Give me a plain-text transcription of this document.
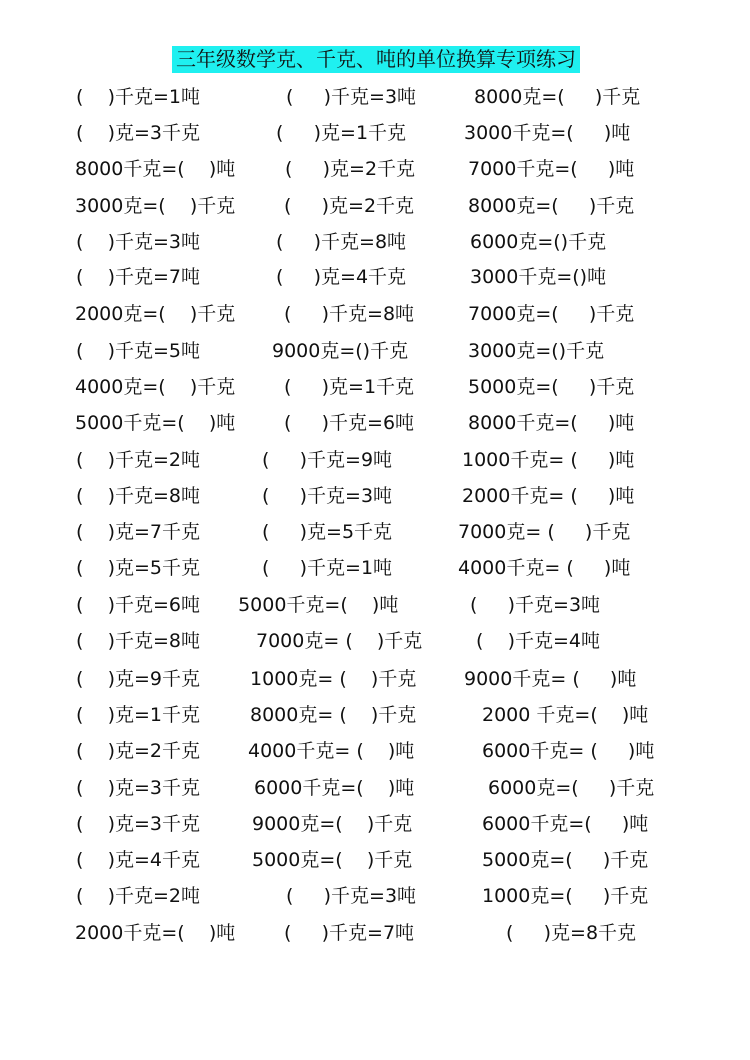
三年级数学克、千克、吨的单位换算专项练习
(    )千克=1吨	(     )千克=3吨	8000克=(     )千克
(    )克=3千克	(     )克=1千克	3000千克=(     )吨
8000千克=(    )吨	(     )克=2千克	7000千克=(     )吨
3000克=(    )千克	(     )克=2千克	8000克=(     )千克
(    )千克=3吨	(     )千克=8吨	6000克=()千克
(    )千克=7吨	(     )克=4千克	3000千克=()吨
2000克=(    )千克	(     )千克=8吨	7000克=(     )千克
(    )千克=5吨	9000克=()千克	3000克=()千克
4000克=(    )千克	(     )克=1千克	5000克=(     )千克
5000千克=(    )吨	(     )千克=6吨	8000千克=(     )吨
(    )千克=2吨	(     )千克=9吨	1000千克= (     )吨
(    )千克=8吨	(     )千克=3吨	2000千克= (     )吨
(    )克=7千克	(     )克=5千克	7000克= (     )千克
(    )克=5千克	(     )千克=1吨	4000千克= (     )吨
(    )千克=6吨 5000千克=(    )吨	(     )千克=3吨
(    )千克=8吨	7000克= (    )千克	(    )千克=4吨
(    )克=9千克 1000克= (    )千克	9000千克= (     )吨
(    )克=1千克	8000克= (    )千克	2000 千克=(    )吨
(    )克=2千克	4000千克= (    )吨	6000千克= (     )吨
(    )克=3千克	6000千克=(    )吨	6000克=(     )千克
(    )克=3千克	9000克=(    )千克	6000千克=(     )吨
(    )克=4千克	5000克=(    )千克	5000克=(     )千克
(    )千克=2吨	(     )千克=3吨	1000克=(     )千克
2000千克=(    )吨	(     )千克=7吨	(     )克=8千克
